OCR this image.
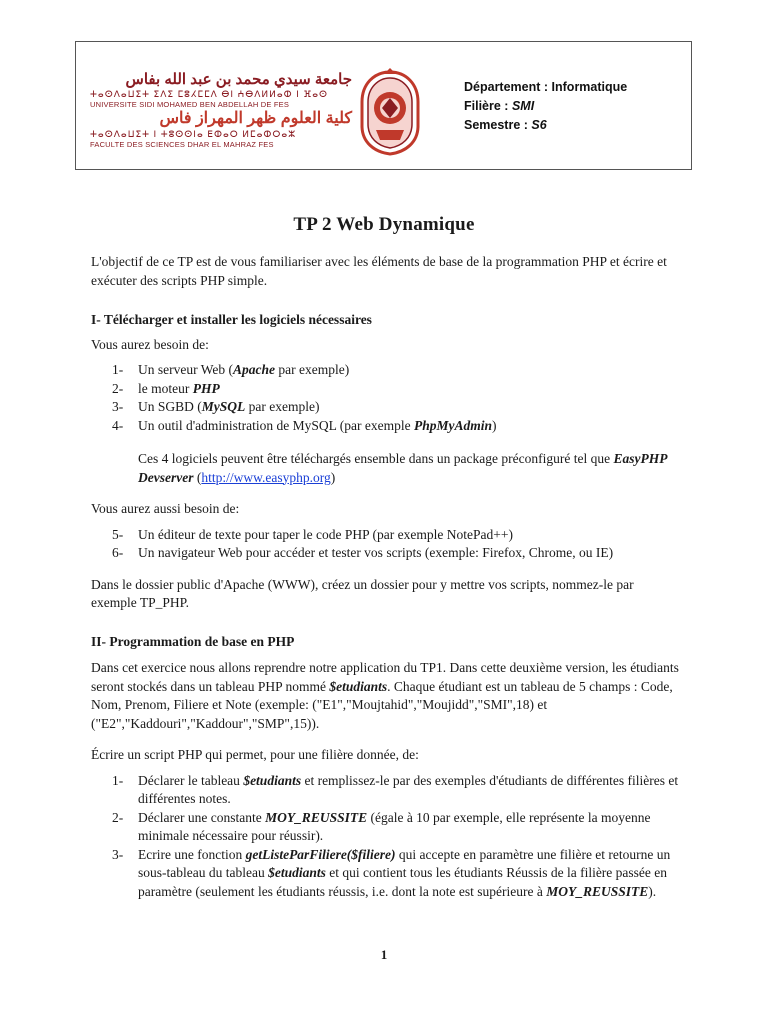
جامعة سيدي محمد بن عبد الله بفاس
ⵜⴰⵙⴷⴰⵡⵉⵜ ⵉⴷⵉ ⵎⵓⵃⵎⵎⴷ ⴱⵏ ⵄⴱⴷⵍⵍⴰⵀ ⵏ ⴼⴰⵙ
UNIVERSITE SIDI MOHAMED BEN ABDELLAH DE FES
كلية العلوم ظهر المهراز فاس
ⵜⴰⵙⴷⴰⵡⵉⵜ ⵏ ⵜⵓⵙⵙⵏⴰ ⴹⵀⴰⵔ ⵍⵎⴰⵀⵔⴰⵣ
FACULTE DES SCIENCES DHAR EL MAHRAZ FES
Département : Informatique
Filière : SMI
Semestre : S6
TP 2 Web Dynamique

L'objectif de ce TP est de vous familiariser avec les éléments de base de la programmation PHP et écrire et exécuter des scripts PHP simple.

I- Télécharger et installer les logiciels nécessaires

Vous aurez besoin de:

1- Un serveur Web (Apache par exemple)
2- le moteur PHP
3- Un SGBD (MySQL par exemple)
4- Un outil d'administration de MySQL (par exemple PhpMyAdmin)

Ces 4 logiciels peuvent être téléchargés ensemble dans un package préconfiguré tel que EasyPHP Devserver (http://www.easyphp.org)

Vous aurez aussi besoin de:

5- Un éditeur de texte pour taper le code PHP (par exemple NotePad++)
6- Un navigateur Web pour accéder et tester vos scripts (exemple: Firefox, Chrome, ou IE)

Dans le dossier public d'Apache (WWW), créez un dossier pour y mettre vos scripts, nommez-le par exemple TP_PHP.

II- Programmation de base en PHP

Dans cet exercice nous allons reprendre notre application du TP1. Dans cette deuxième version, les étudiants seront stockés dans un tableau PHP nommé $etudiants. Chaque étudiant est un tableau de 5 champs : Code, Nom, Prenom, Filiere et Note (exemple: ("E1","Moujtahid","Moujidd","SMI",18) et ("E2","Kaddouri","Kaddour","SMP",15)).

Écrire un script PHP qui permet, pour une filière donnée, de:

1- Déclarer le tableau $etudiants et remplissez-le par des exemples d'étudiants de différentes filières et différentes notes.
2- Déclarer une constante MOY_REUSSITE (égale à 10 par exemple, elle représente la moyenne minimale nécessaire pour réussir).
3- Ecrire une fonction getListeParFiliere($filiere) qui accepte en paramètre une filière et retourne un sous-tableau du tableau $etudiants et qui contient tous les étudiants Réussis de la filière passée en paramètre (seulement les étudiants réussis, i.e. dont la note est supérieure à MOY_REUSSITE).
1
